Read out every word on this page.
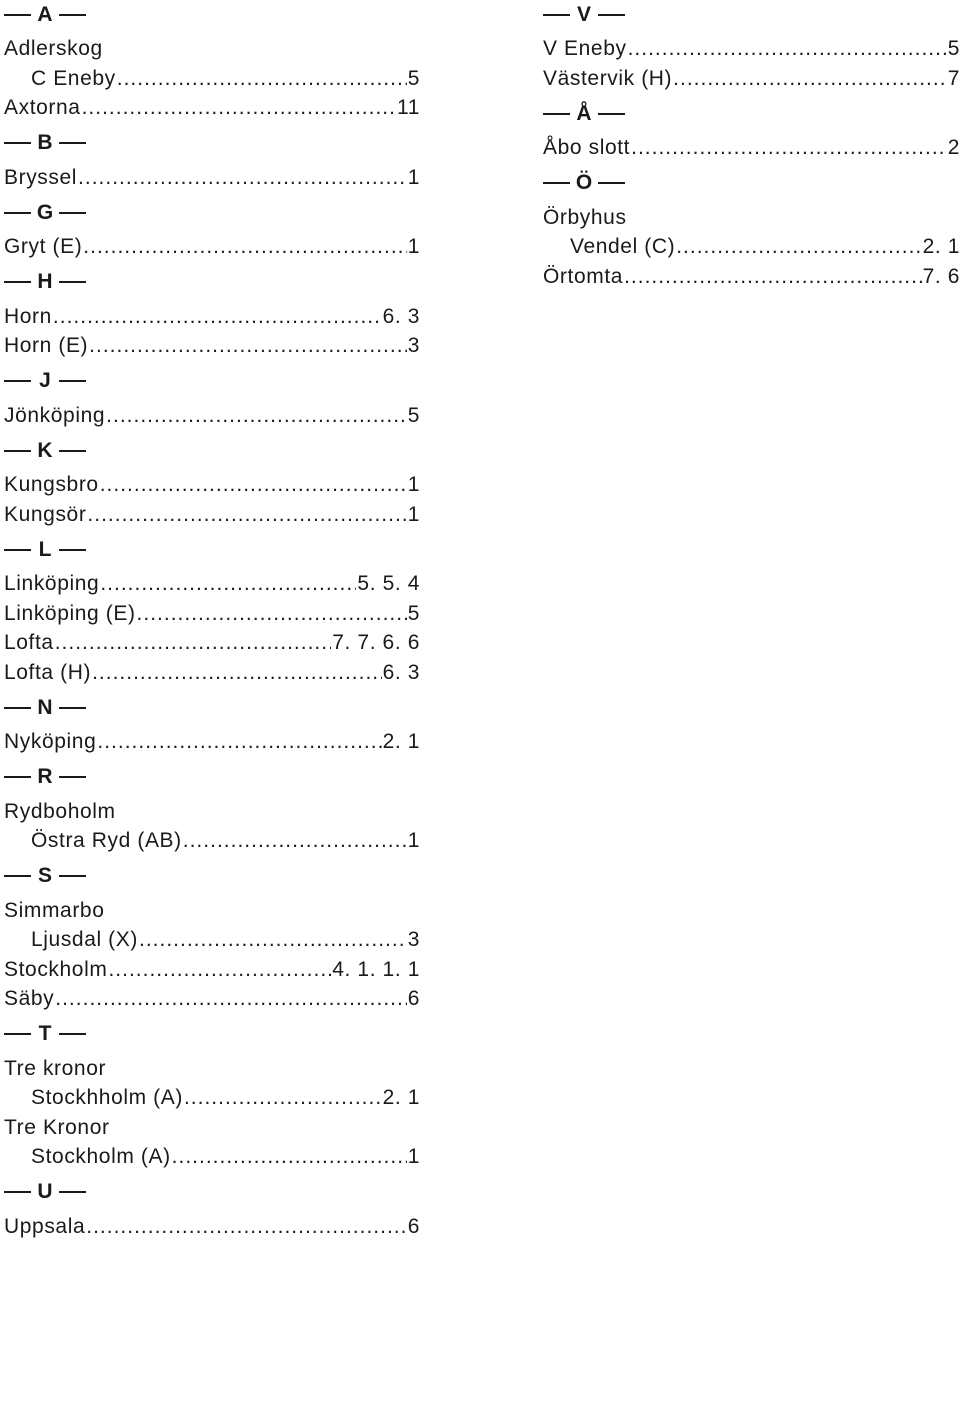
A
Adlerskog
C Eneby .....	5
Axtorna .....	11
B
Bryssel .....	1
G
Gryt (E) .....	1
H
Horn .....	6. 3
Horn (E) .....	3
J
Jönköping .....	5
K
Kungsbro .....	1
Kungsör .....	1
L
Linköping .....	5. 5. 4
Linköping (E) .....	5
Lofta .....	7. 7. 6. 6
Lofta (H) .....	6. 3
N
Nyköping .....	2. 1
R
Rydboholm
Östra Ryd (AB) .....	1
S
Simmarbo
Ljusdal (X) .....	3
Stockholm .....	4. 1. 1. 1
Säby .....	6
T
Tre kronor
Stockhholm (A) .....	2. 1
Tre Kronor
Stockholm (A) .....	1
U
Uppsala .....	6
V
V Eneby .....	5
Västervik (H) .....	7
Å
Åbo slott .....	2
Ö
Örbyhus
Vendel (C) .....	2. 1
Örtomta .....	7. 6
